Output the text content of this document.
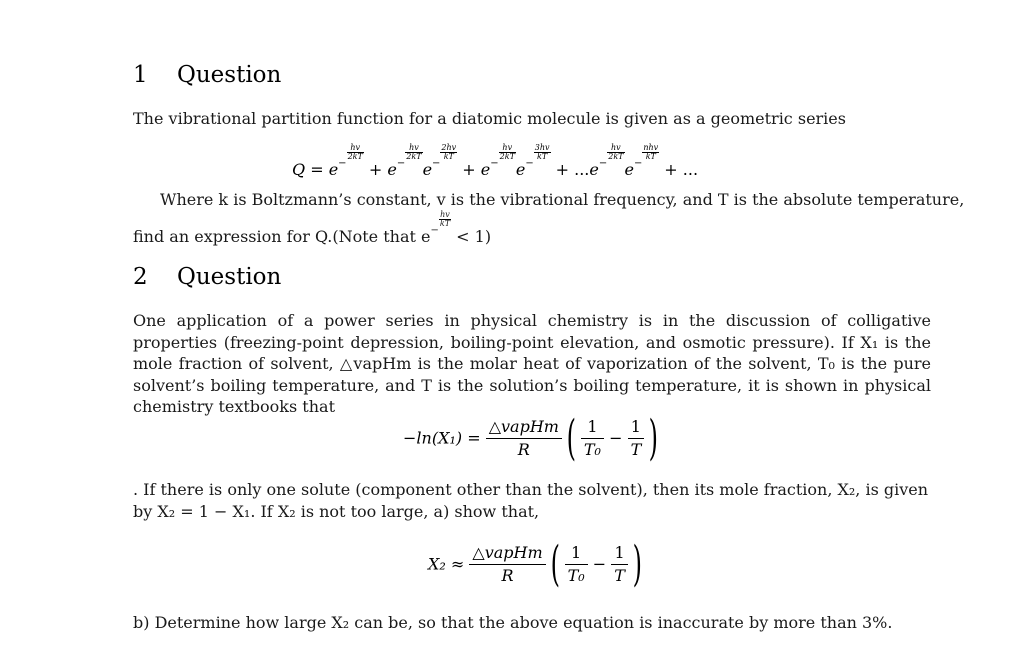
1 Question
The vibrational partition function for a diatomic molecule is given as a geometric series
$Q = e^{- \frac{hv}{2kT}}$
+ $e^{- \frac{hv}{2kT}}$
$e^{- \frac{2hv}{kT}}$
+ $e^{- \frac{hv}{2kT}}$
$e^{- \frac{3hv}{kT}}$
+ $...e^{- \frac{hv}{2kT}}$
$e^{- nhv kT}$
+ ...
Where k is Boltzmann’s constant, v is the vibrational frequency, and T is the absolute temperature,
find an expression for Q.(Note that $e^{- \frac{hv}{kT}}$
< 1)
2 Question
One application of a power series in physical chemistry is in the discussion of colligative properties (freezing-point depression, boiling-point elevation, and osmotic pressure). If X₁ is the mole fraction of solvent, △vapHm is the molar heat of vaporization of the solvent, T₀ is the pure solvent’s boiling temperature, and T is the solution’s boiling temperature, it is shown in physical chemistry textbooks that
$-\ln(X_1) = \frac{\text{△vapHm}}{R}$ ( $\frac{1}{\text{T₀}} - \frac{1}{T}$ )
. If there is only one solute (component other than the solvent), then its mole fraction, X₂, is given
by X₂ = 1 − X₁. If X₂ is not too large, a) show that,
$X_2 \approx \frac{\text{△vapHm}}{R}$ ( $\frac{1}{\text{T₀}} - \frac{1}{T}$ )
b) Determine how large X₂ can be, so that the above equation is inaccurate by more than 3%.
